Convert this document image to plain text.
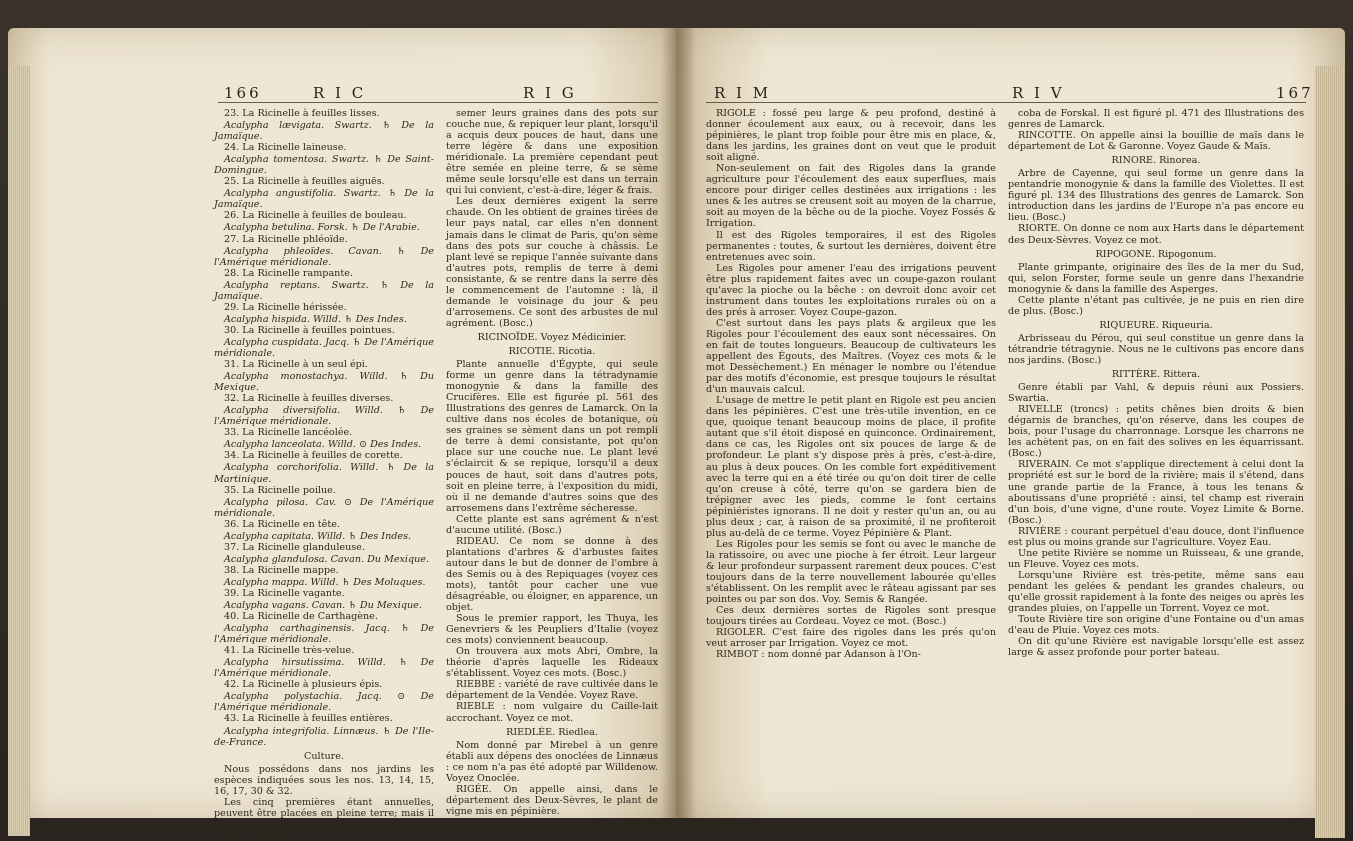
166	R I C	R I G
23. La Ricinelle à feuilles lisses.
Acalypha lævigata. Swartz. ♄ De la Jamaïque.
24. La Ricinelle laineuse.
Acalypha tomentosa. Swartz. ♄ De Saint-Domingue.
25. La Ricinelle à feuilles aiguës.
Acalypha angustifolia. Swartz. ♄ De la Jamaïque.
26. La Ricinelle à feuilles de bouleau.
Acalypha betulina. Forsk. ♄ De l'Arabie.
27. La Ricinelle phléoïde.
Acalypha phleoïdes. Cavan. ♄ De l'Amérique méridionale.
28. La Ricinelle rampante.
Acalypha reptans. Swartz. ♄ De la Jamaïque.
29. La Ricinelle hérissée.
Acalypha hispida. Willd. ♄ Des Indes.
30. La Ricinelle à feuilles pointues.
Acalypha cuspidata. Jacq. ♄ De l'Amérique méridionale.
31. La Ricinelle à un seul épi.
Acalypha monostachya. Willd. ♄ Du Mexique.
32. La Ricinelle à feuilles diverses.
Acalypha diversifolia. Willd. ♄ De l'Amérique méridionale.
33. La Ricinelle lancéolée.
Acalypha lanceolata. Willd. ⊙ Des Indes.
34. La Ricinelle à feuilles de corette.
Acalypha corchorifolia. Willd. ♄ De la Martinique.
35. La Ricinelle poilue.
Acalypha pilosa. Cav. ⊙ De l'Amérique méridionale.
36. La Ricinelle en tête.
Acalypha capitata. Willd. ♄ Des Indes.
37. La Ricinelle glanduleuse.
Acalypha glandulosa. Cavan. Du Mexique.
38. La Ricinelle mappe.
Acalypha mappa. Willd. ♄ Des Moluques.
39. La Ricinelle vagante.
Acalypha vagans. Cavan. ♄ Du Mexique.
40. La Ricinelle de Carthagène.
Acalypha carthaginensis. Jacq. ♄ De l'Amérique méridionale.
41. La Ricinelle très-velue.
Acalypha hirsutissima. Willd. ♄ De l'Amérique méridionale.
42. La Ricinelle à plusieurs épis.
Acalypha polystachia. Jacq. ⊙ De l'Amérique méridionale.
43. La Ricinelle à feuilles entières.
Acalypha integrifolia. Linnæus. ♄ De l'Ile-de-France.
Culture.
Nous possédons dans nos jardins les espèces indiquées sous les nos. 13, 14, 15, 16, 17, 30 & 32.
Les cinq premières étant annuelles, peuvent être placées en pleine terre; mais il n'en faut pas moins, pour avancer l'époque de leur floraison
semer leurs graines dans des pots sur couche nue, & repiquer leur plant, lorsqu'il a acquis deux pouces de haut, dans une terre légère & dans une exposition méridionale. La première cependant peut être semée en pleine terre, & se sème même seule lorsqu'elle est dans un terrain qui lui convient, c'est-à-dire, léger & frais.
Les deux dernières exigent la serre chaude. On les obtient de graines tirées de leur pays natal, car elles n'en donnent jamais dans le climat de Paris, qu'on sème dans des pots sur couche à châssis. Le plant levé se repique l'année suivante dans d'autres pots, remplis de terre à demi consistante, & se rentre dans la serre dès le commencement de l'automne : là, il demande le voisinage du jour & peu d'arrosemens. Ce sont des arbustes de nul agrément. (Bosc.)
RICINOÏDE. Voyez Médicinier.
RICOTIE. Ricotia.
Plante annuelle d'Égypte, qui seule forme un genre dans la tétradynamie monogynie & dans la famille des Crucifères. Elle est figurée pl. 561 des Illustrations des genres de Lamarck. On la cultive dans nos écoles de botanique, où ses graines se sèment dans un pot rempli de terre à demi consistante, pot qu'on place sur une couche nue. Le plant levé s'éclaircit & se repique, lorsqu'il a deux pouces de haut, soit dans d'autres pots, soit en pleine terre, à l'exposition du midi, où il ne demande d'autres soins que des arrosemens dans l'extrême sécheresse.
Cette plante est sans agrément & n'est d'aucune utilité. (Bosc.)
RIDEAU. Ce nom se donne à des plantations d'arbres & d'arbustes faites autour dans le but de donner de l'ombre à des Semis ou à des Repiquages (voyez ces mots), tantôt pour cacher une vue désagréable, ou éloigner, en apparence, un objet.
Sous le premier rapport, les Thuya, les Genevriers & les Peupliers d'Italie (voyez ces mots) conviennent beaucoup.
On trouvera aux mots Abri, Ombre, la théorie d'après laquelle les Rideaux s'établissent. Voyez ces mots. (Bosc.)
RIEBBE : variété de rave cultivée dans le département de la Vendée. Voyez Rave.
RIEBLE : nom vulgaire du Caille-lait accrochant. Voyez ce mot.
RIEDLÉE. Riedlea.
Nom donné par Mirebel à un genre établi aux dépens des onoclées de Linnæus : ce nom n'a pas été adopté par Willdenow. Voyez Onoclée.
RIGÉE. On appelle ainsi, dans le département des Deux-Sèvres, le plant de vigne mis en pépinière.
R I M	R I V	167
RIGOLE : fossé peu large & peu profond, destiné à donner écoulement aux eaux, ou à recevoir, dans les pépinières, le plant trop foible pour être mis en place, &, dans les jardins, les graines dont on veut que le produit soit aligné.
Non-seulement on fait des Rigoles dans la grande agriculture pour l'écoulement des eaux superflues, mais encore pour diriger celles destinées aux irrigations : les unes & les autres se creusent soit au moyen de la charrue, soit au moyen de la bêche ou de la pioche. Voyez Fossés & Irrigation.
Il est des Rigoles temporaires, il est des Rigoles permanentes : toutes, & surtout les dernières, doivent être entretenues avec soin.
Les Rigoles pour amener l'eau des irrigations peuvent être plus rapidement faites avec un coupe-gazon roulant qu'avec la pioche ou la bêche : on devroit donc avoir cet instrument dans toutes les exploitations rurales où on a des prés à arroser. Voyez Coupe-gazon.
C'est surtout dans les pays plats & argileux que les Rigoles pour l'écoulement des eaux sont nécessaires. On en fait de toutes longueurs. Beaucoup de cultivateurs les appellent des Égouts, des Maîtres. (Voyez ces mots & le mot Dessèchement.) En ménager le nombre ou l'étendue par des motifs d'économie, est presque toujours le résultat d'un mauvais calcul.
L'usage de mettre le petit plant en Rigole est peu ancien dans les pépinières. C'est une très-utile invention, en ce que, quoique tenant beaucoup moins de place, il profite autant que s'il étoit disposé en quinconce. Ordinairement, dans ce cas, les Rigoles ont six pouces de large & de profondeur. Le plant s'y dispose près à près, c'est-à-dire, au plus à deux pouces. On les comble fort expéditivement avec la terre qui en a été tirée ou qu'on doit tirer de celle qu'on creuse à côté, terre qu'on se gardera bien de trépigner avec les pieds, comme le font certains pépiniéristes ignorans. Il ne doit y rester qu'un an, ou au plus deux ; car, à raison de sa proximité, il ne profiteroit plus au-delà de ce terme. Voyez Pépinière & Plant.
Les Rigoles pour les semis se font ou avec le manche de la ratissoire, ou avec une pioche à fer étroit. Leur largeur & leur profondeur surpassent rarement deux pouces. C'est toujours dans de la terre nouvellement labourée qu'elles s'établissent. On les remplit avec le râteau agissant par ses pointes ou par son dos. Voy. Semis & Rangée.
Ces deux dernières sortes de Rigoles sont presque toujours tirées au Cordeau. Voyez ce mot. (Bosc.)
RIGOLER. C'est faire des rigoles dans les prés qu'on veut arroser par Irrigation. Voyez ce mot.
RIMBOT : nom donné par Adanson à l'On-
coba de Forskal. Il est figuré pl. 471 des Illustrations des genres de Lamarck.
RINCOTTE. On appelle ainsi la bouillie de maïs dans le département de Lot & Garonne. Voyez Gaude & Maïs.
RINORE. Rinorea.
Arbre de Cayenne, qui seul forme un genre dans la pentandrie monogynie & dans la famille des Violettes. Il est figuré pl. 134 des Illustrations des genres de Lamarck. Son introduction dans les jardins de l'Europe n'a pas encore eu lieu. (Bosc.)
RIORTE. On donne ce nom aux Harts dans le département des Deux-Sèvres. Voyez ce mot.
RIPOGONE. Ripogonum.
Plante grimpante, originaire des îles de la mer du Sud, qui, selon Forster, forme seule un genre dans l'hexandrie monogynie & dans la famille des Asperges.
Cette plante n'étant pas cultivée, je ne puis en rien dire de plus. (Bosc.)
RIQUEURE. Riqueuria.
Arbrisseau du Pérou, qui seul constitue un genre dans la tétrandrie tétragynie. Nous ne le cultivons pas encore dans nos jardins. (Bosc.)
RITTÈRE. Rittera.
Genre établi par Vahl, & depuis réuni aux Possiers. Swartia.
RIVELLE (troncs) : petits chênes bien droits & bien dégarnis de branches, qu'on réserve, dans les coupes de bois, pour l'usage du charronnage. Lorsque les charrons ne les achètent pas, on en fait des solives en les équarrissant. (Bosc.)
RIVERAIN. Ce mot s'applique directement à celui dont la propriété est sur le bord de la rivière; mais il s'étend, dans une grande partie de la France, à tous les tenans & aboutissans d'une propriété : ainsi, tel champ est riverain d'un bois, d'une vigne, d'une route. Voyez Limite & Borne. (Bosc.)
RIVIÈRE : courant perpétuel d'eau douce, dont l'influence est plus ou moins grande sur l'agriculture. Voyez Eau.
Une petite Rivière se nomme un Ruisseau, & une grande, un Fleuve. Voyez ces mots.
Lorsqu'une Rivière est très-petite, même sans eau pendant les gelées & pendant les grandes chaleurs, ou qu'elle grossit rapidement à la fonte des neiges ou après les grandes pluies, on l'appelle un Torrent. Voyez ce mot.
Toute Rivière tire son origine d'une Fontaine ou d'un amas d'eau de Pluie. Voyez ces mots.
On dit qu'une Rivière est navigable lorsqu'elle est assez large & assez profonde pour porter bateau.
